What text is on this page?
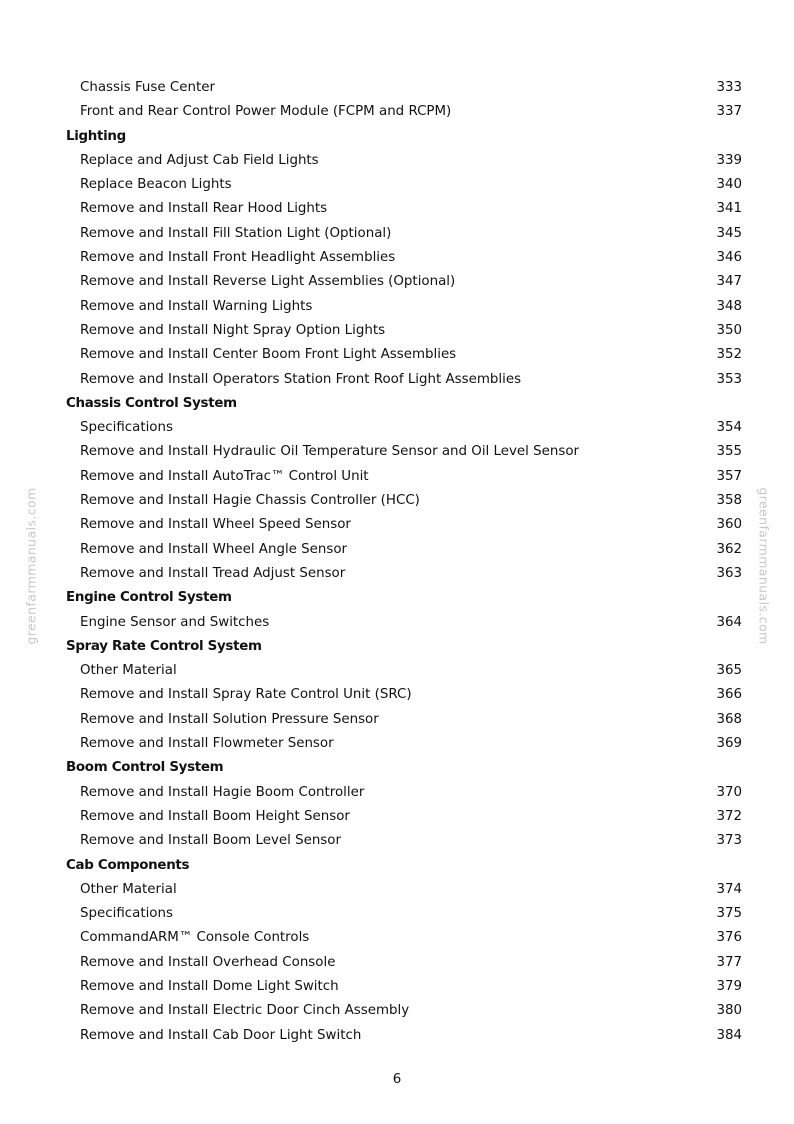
greenfarmmanuals.com	greenfarmmanuals.com
Chassis Fuse Center	333
Front and Rear Control Power Module (FCPM and RCPM)	337
Lighting
Replace and Adjust Cab Field Lights	339
Replace Beacon Lights	340
Remove and Install Rear Hood Lights	341
Remove and Install Fill Station Light (Optional)	345
Remove and Install Front Headlight Assemblies	346
Remove and Install Reverse Light Assemblies (Optional)	347
Remove and Install Warning Lights	348
Remove and Install Night Spray Option Lights	350
Remove and Install Center Boom Front Light Assemblies	352
Remove and Install Operators Station Front Roof Light Assemblies	353
Chassis Control System
Specifications	354
Remove and Install Hydraulic Oil Temperature Sensor and Oil Level Sensor	355
Remove and Install AutoTrac™ Control Unit	357
Remove and Install Hagie Chassis Controller (HCC)	358
Remove and Install Wheel Speed Sensor	360
Remove and Install Wheel Angle Sensor	362
Remove and Install Tread Adjust Sensor	363
Engine Control System
Engine Sensor and Switches	364
Spray Rate Control System
Other Material	365
Remove and Install Spray Rate Control Unit (SRC)	366
Remove and Install Solution Pressure Sensor	368
Remove and Install Flowmeter Sensor	369
Boom Control System
Remove and Install Hagie Boom Controller	370
Remove and Install Boom Height Sensor	372
Remove and Install Boom Level Sensor	373
Cab Components
Other Material	374
Specifications	375
CommandARM™ Console Controls	376
Remove and Install Overhead Console	377
Remove and Install Dome Light Switch	379
Remove and Install Electric Door Cinch Assembly	380
Remove and Install Cab Door Light Switch	384
6
